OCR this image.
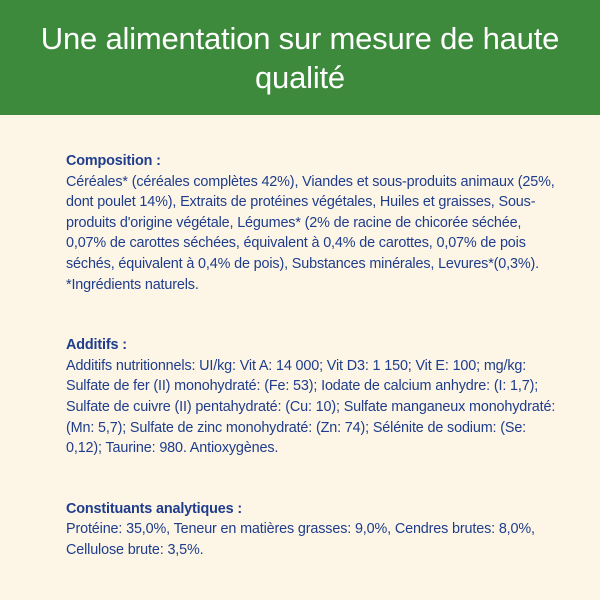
Une alimentation sur mesure de haute qualité
Composition :

Céréales* (céréales complètes 42%), Viandes et sous-produits animaux (25%, dont poulet 14%), Extraits de protéines végétales, Huiles et graisses, Sous-produits d'origine végétale, Légumes* (2% de racine de chicorée séchée, 0,07% de carottes séchées, équivalent à 0,4% de carottes, 0,07% de pois séchés, équivalent à 0,4% de pois), Substances minérales, Levures*(0,3%).

*Ingrédients naturels.

Additifs :

Additifs nutritionnels: UI/kg: Vit A: 14 000; Vit D3: 1 150; Vit E: 100; mg/kg: Sulfate de fer (II) monohydraté: (Fe: 53); Iodate de calcium anhydre: (I: 1,7); Sulfate de cuivre (II) pentahydraté: (Cu: 10); Sulfate manganeux monohydraté: (Mn: 5,7); Sulfate de zinc monohydraté: (Zn: 74); Sélénite de sodium: (Se: 0,12); Taurine: 980. Antioxygènes.

Constituants analytiques :

Protéine: 35,0%, Teneur en matières grasses: 9,0%, Cendres brutes: 8,0%, Cellulose brute: 3,5%.
